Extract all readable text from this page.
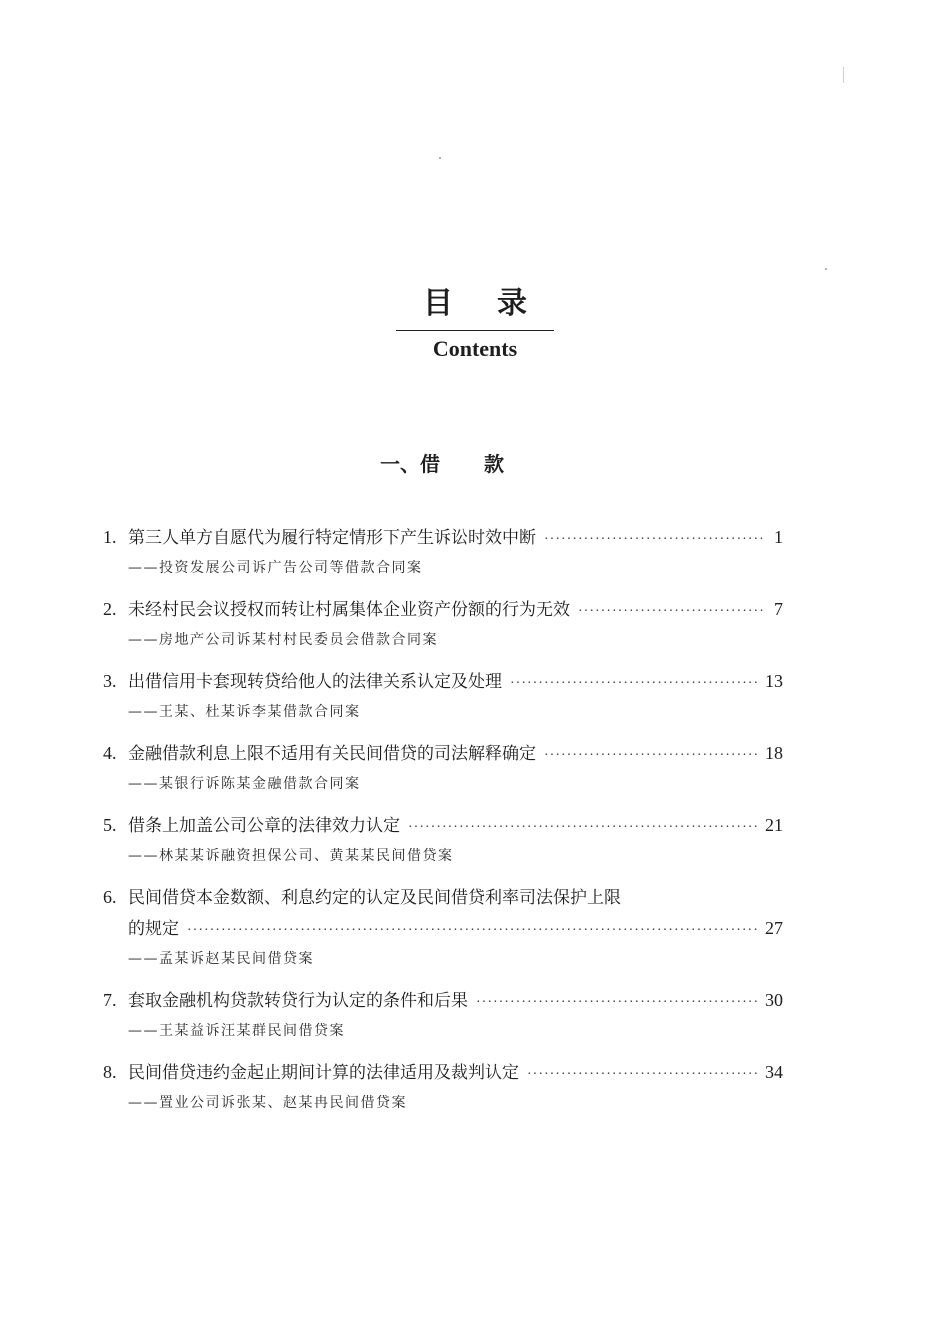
目录
Contents
一、借 款
1. 第三人单方自愿代为履行特定情形下产生诉讼时效中断 ·····	1
——投资发展公司诉广告公司等借款合同案
2. 未经村民会议授权而转让村属集体企业资产份额的行为无效 ·····	7
——房地产公司诉某村村民委员会借款合同案
3. 出借信用卡套现转贷给他人的法律关系认定及处理 ·····	13
——王某、杜某诉李某借款合同案
4. 金融借款利息上限不适用有关民间借贷的司法解释确定 ·····	18
——某银行诉陈某金融借款合同案
5. 借条上加盖公司公章的法律效力认定 ·····	21
——林某某诉融资担保公司、黄某某民间借贷案
6. 民间借贷本金数额、利息约定的认定及民间借贷利率司法保护上限
的规定 ·····	27
——孟某诉赵某民间借贷案
7. 套取金融机构贷款转贷行为认定的条件和后果 ·····	30
——王某益诉汪某群民间借贷案
8. 民间借贷违约金起止期间计算的法律适用及裁判认定 ·····	34
——置业公司诉张某、赵某冉民间借贷案
